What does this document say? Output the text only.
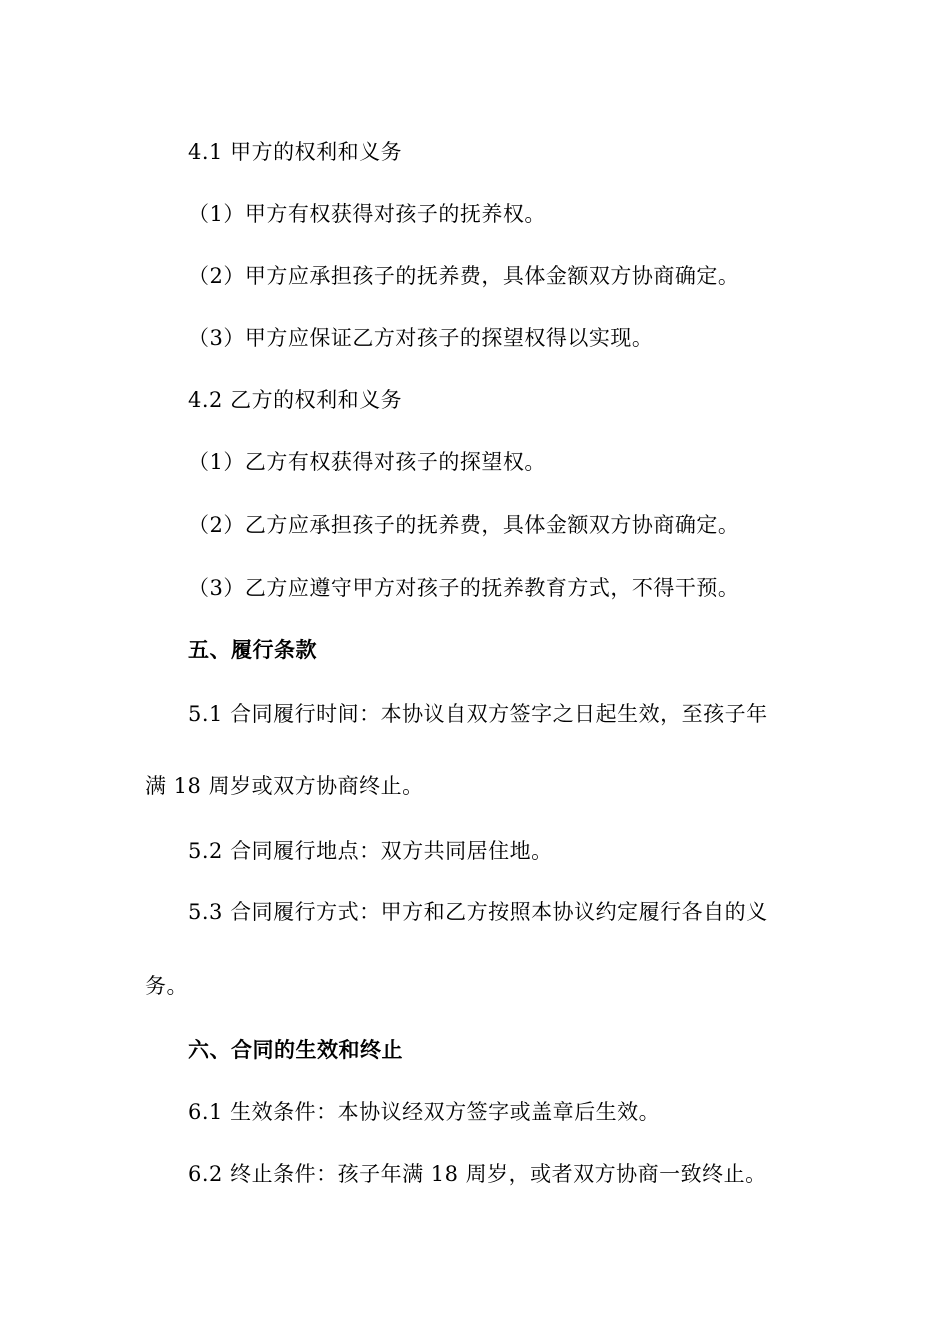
4.1 甲方的权利和义务
（1）甲方有权获得对孩子的抚养权。
（2）甲方应承担孩子的抚养费，具体金额双方协商确定。
（3）甲方应保证乙方对孩子的探望权得以实现。
4.2 乙方的权利和义务
（1）乙方有权获得对孩子的探望权。
（2）乙方应承担孩子的抚养费，具体金额双方协商确定。
（3）乙方应遵守甲方对孩子的抚养教育方式，不得干预。
五、履行条款
5.1 合同履行时间：本协议自双方签字之日起生效，至孩子年
满 18 周岁或双方协商终止。
5.2 合同履行地点：双方共同居住地。
5.3 合同履行方式：甲方和乙方按照本协议约定履行各自的义
务。
六、合同的生效和终止
6.1 生效条件：本协议经双方签字或盖章后生效。
6.2 终止条件：孩子年满 18 周岁，或者双方协商一致终止。
